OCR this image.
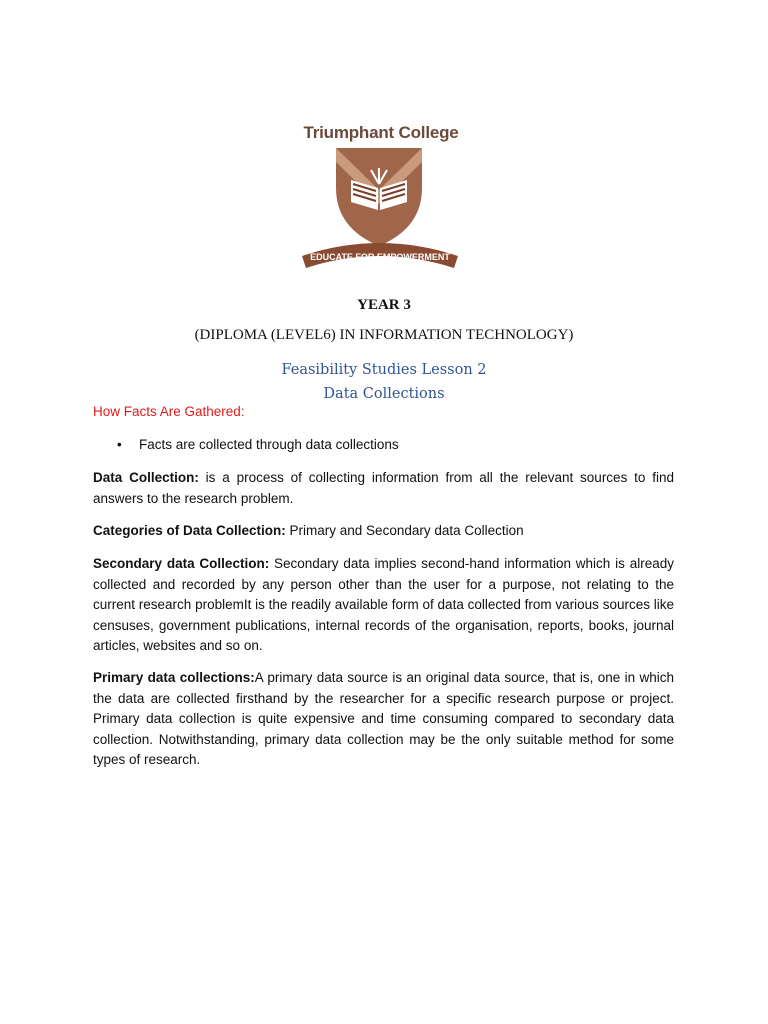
EDUCATE FOR EMPOWERMENT
Triumphant College
YEAR 3
(DIPLOMA (LEVEL6) IN INFORMATION TECHNOLOGY)
Feasibility Studies Lesson 2
Data Collections
How Facts Are Gathered:
• Facts are collected through data collections
Data Collection: is a process of collecting information from all the relevant sources to find answers to the research problem.
Categories of Data Collection: Primary and Secondary data Collection
Secondary data Collection: Secondary data implies second-hand information which is already collected and recorded by any person other than the user for a purpose, not relating to the current research problemIt is the readily available form of data collected from various sources like censuses, government publications, internal records of the organisation, reports, books, journal articles, websites and so on.
Primary data collections:A primary data source is an original data source, that is, one in which the data are collected firsthand by the researcher for a specific research purpose or project. Primary data collection is quite expensive and time consuming compared to secondary data collection. Notwithstanding, primary data collection may be the only suitable method for some types of research.
